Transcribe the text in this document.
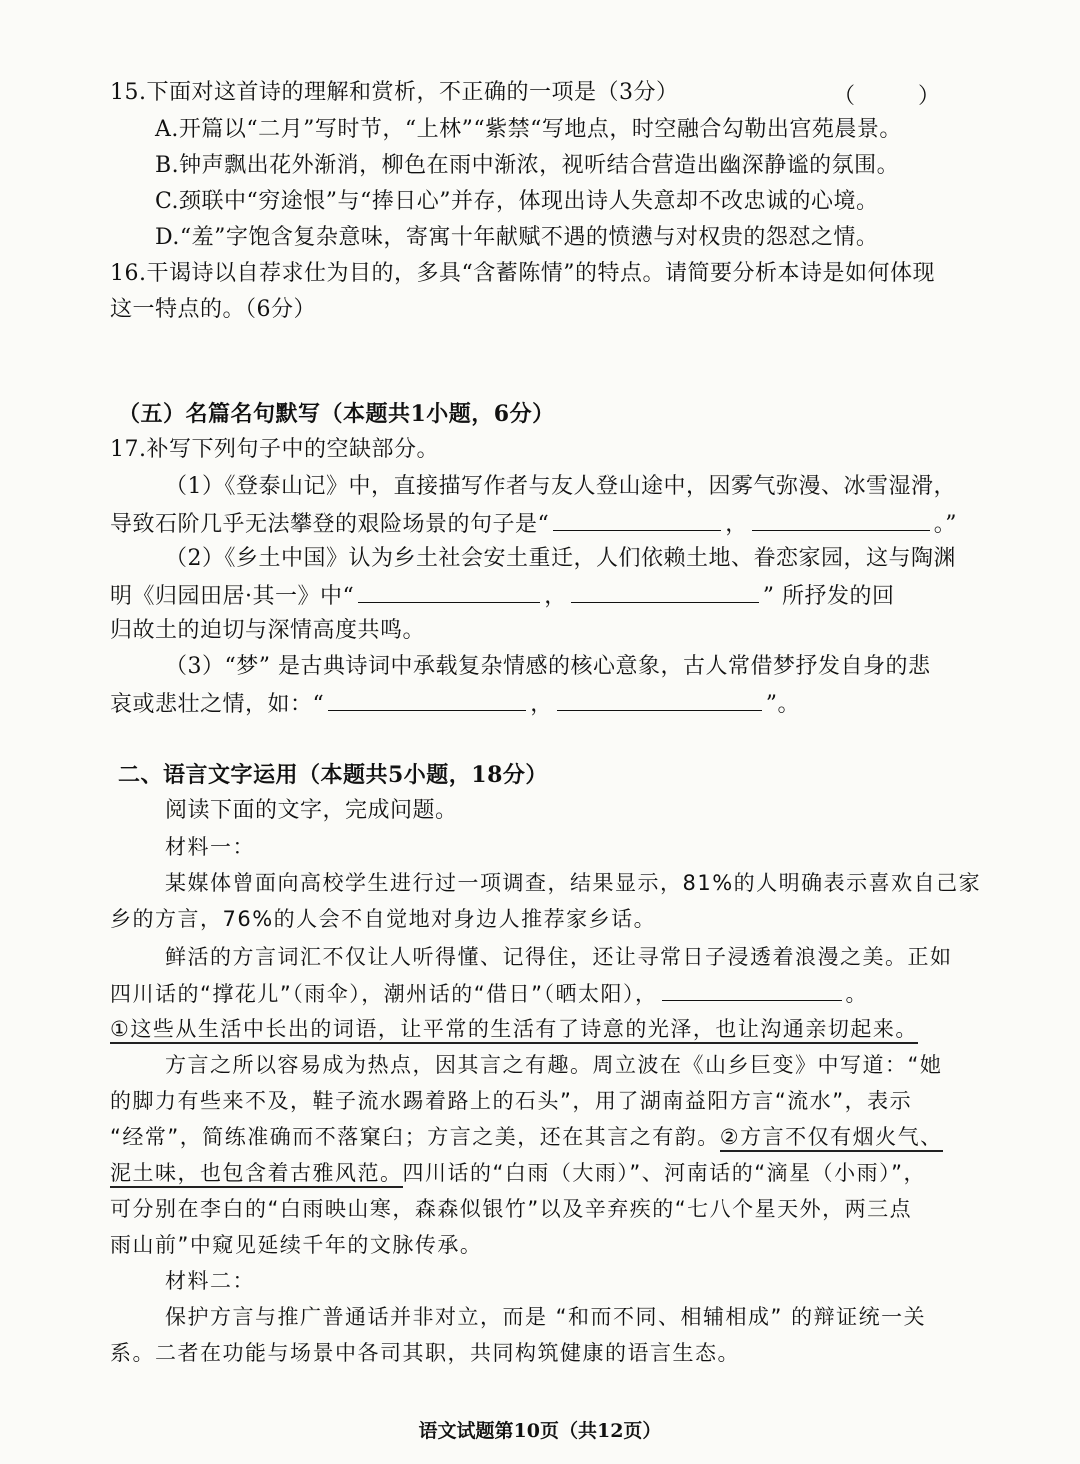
15.下面对这首诗的理解和赏析，不正确的一项是（3分）	（ ）
A.开篇以“二月”写时节，“上林”“紫禁“写地点，时空融合勾勒出宫苑晨景。
B.钟声飘出花外渐消，柳色在雨中渐浓，视听结合营造出幽深静谧的氛围。
C.颈联中“穷途恨”与“捧日心”并存，体现出诗人失意却不改忠诚的心境。
D.“羞”字饱含复杂意味，寄寓十年献赋不遇的愤懑与对权贵的怨怼之情。
16.干谒诗以自荐求仕为目的，多具“含蓄陈情”的特点。请简要分析本诗是如何体现
这一特点的。（6分）
（五）名篇名句默写（本题共1小题，6分）
17.补写下列句子中的空缺部分。
（1）《登泰山记》中，直接描写作者与友人登山途中，因雾气弥漫、冰雪湿滑，
导致石阶几乎无法攀登的艰险场景的句子是“	，	。”
（2）《乡土中国》认为乡土社会安土重迁，人们依赖土地、眷恋家园，这与陶渊
明《归园田居·其一》中“	，	” 所抒发的回
归故土的迫切与深情高度共鸣。
（3）“梦” 是古典诗词中承载复杂情感的核心意象，古人常借梦抒发自身的悲
哀或悲壮之情，如：“	，	”。
二、语言文字运用（本题共5小题，18分）
阅读下面的文字，完成问题。
材料一：
某媒体曾面向高校学生进行过一项调查，结果显示，81%的人明确表示喜欢自己家
乡的方言，76%的人会不自觉地对身边人推荐家乡话。
鲜活的方言词汇不仅让人听得懂、记得住，还让寻常日子浸透着浪漫之美。正如
四川话的“撑花儿”（雨伞），潮州话的“借日”（晒太阳），	。
①这些从生活中长出的词语，让平常的生活有了诗意的光泽，也让沟通亲切起来。
方言之所以容易成为热点，因其言之有趣。周立波在《山乡巨变》中写道：“她
的脚力有些来不及，鞋子流水踢着路上的石头”，用了湖南益阳方言“流水”，表示
“经常”，简练准确而不落窠臼；方言之美，还在其言之有韵。②方言不仅有烟火气、
泥土味，也包含着古雅风范。四川话的“白雨（大雨）”、河南话的“滴星（小雨）”，
可分别在李白的“白雨映山寒，森森似银竹”以及辛弃疾的“七八个星天外，两三点
雨山前”中窥见延续千年的文脉传承。
材料二：
保护方言与推广普通话并非对立，而是 “和而不同、相辅相成” 的辩证统一关
系。二者在功能与场景中各司其职，共同构筑健康的语言生态。
语文试题第10页（共12页）
